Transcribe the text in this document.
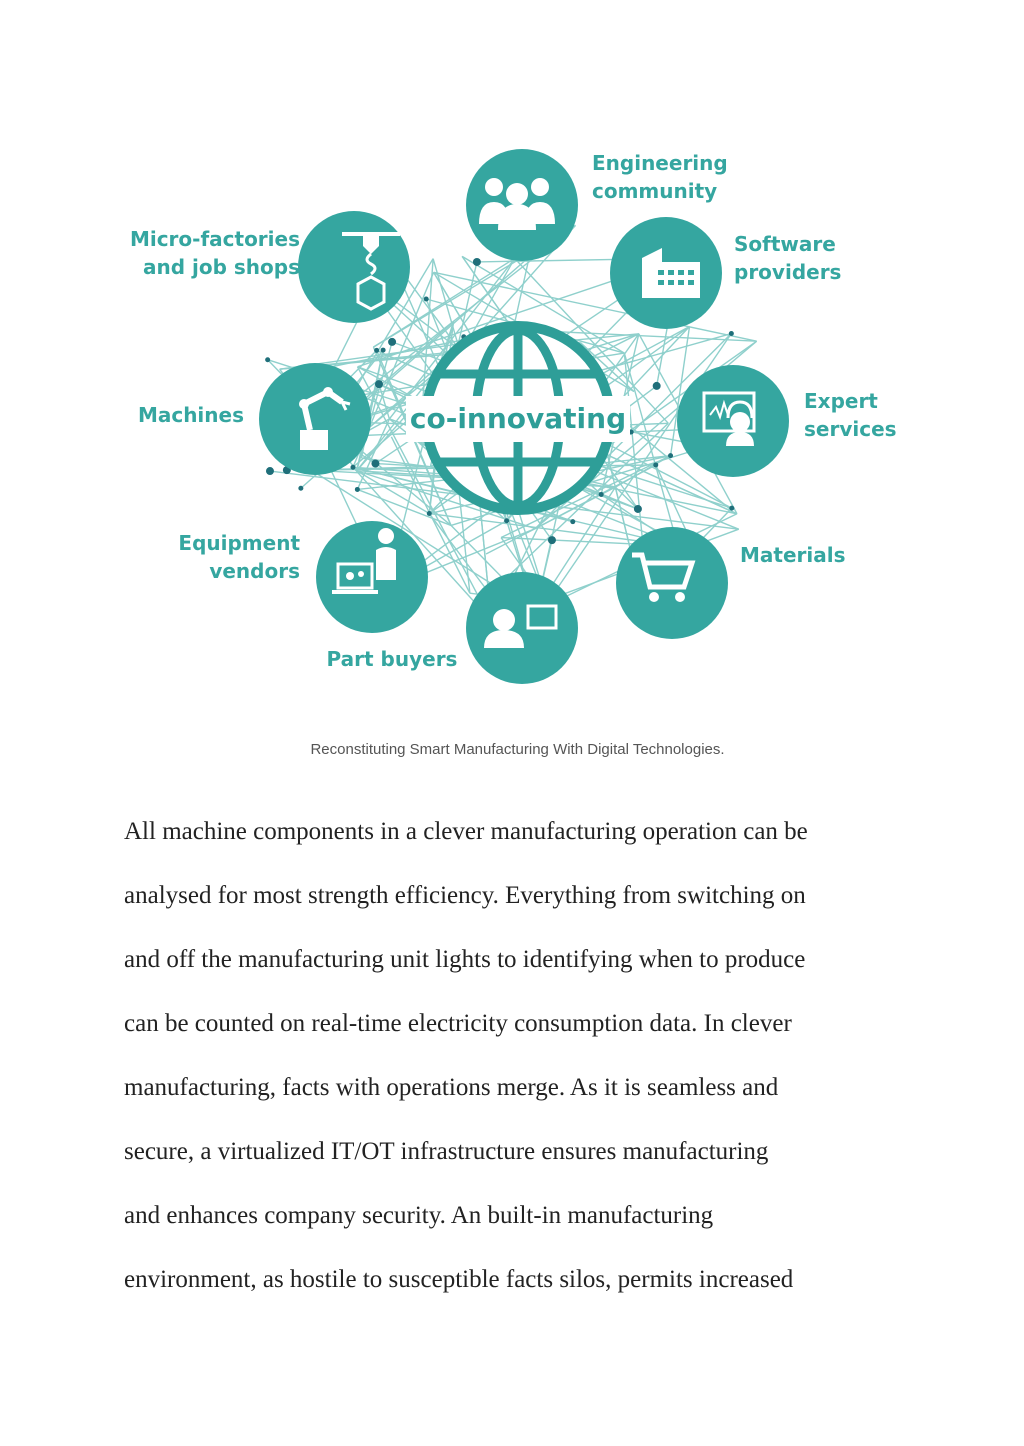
co-innovating
Engineering community
Software providers
Expert services
Materials
Part buyers
Equipment vendors
Machines
Micro-factories and job shops

Reconstituting Smart Manufacturing With Digital Technologies.

All machine components in a clever manufacturing operation can be
analysed for most strength efficiency. Everything from switching on
and off the manufacturing unit lights to identifying when to produce
can be counted on real-time electricity consumption data. In clever
manufacturing, facts with operations merge. As it is seamless and
secure, a virtualized IT/OT infrastructure ensures manufacturing
and enhances company security. An built-in manufacturing
environment, as hostile to susceptible facts silos, permits increased
